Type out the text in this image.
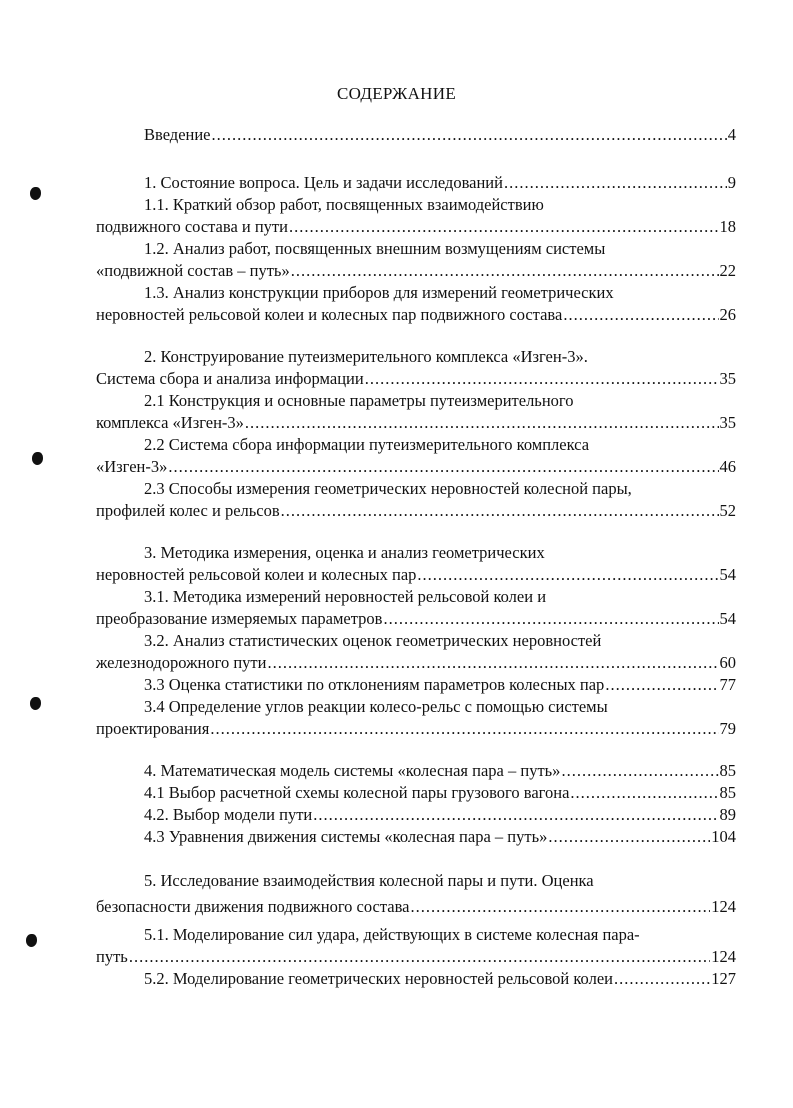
СОДЕРЖАНИЕ
Введение .....	4
1. Состояние вопроса. Цель и задачи исследований .....	9
1.1. Краткий обзор работ, посвященных взаимодействию
подвижного состава и пути .....	18
1.2. Анализ работ, посвященных внешним возмущениям системы
«подвижной состав – путь» .....	22
1.3. Анализ конструкции приборов для измерений геометрических
неровностей рельсовой колеи и колесных пар подвижного состава .....	26
2. Конструирование путеизмерительного комплекса «Изген-3».
Система сбора и анализа информации .....	35
2.1 Конструкция и основные параметры путеизмерительного
комплекса «Изген-3» .....	35
2.2 Система сбора информации путеизмерительного комплекса
«Изген-3» .....	46
2.3 Способы измерения геометрических неровностей колесной пары,
профилей колес и рельсов .....	52
3. Методика измерения, оценка и анализ геометрических
неровностей рельсовой колеи и колесных пар .....	54
3.1. Методика измерений неровностей рельсовой колеи и
преобразование измеряемых параметров .....	54
3.2. Анализ статистических оценок геометрических неровностей
железнодорожного пути .....	60
3.3 Оценка статистики по отклонениям параметров колесных пар .....	77
3.4 Определение углов реакции колесо-рельс с помощью системы
проектирования .....	79
4. Математическая модель системы «колесная пара – путь» .....	85
4.1 Выбор расчетной схемы колесной пары грузового вагона .....	85
4.2. Выбор модели пути .....	89
4.3 Уравнения движения системы «колесная пара – путь» .....	104
5. Исследование взаимодействия колесной пары и пути. Оценка
безопасности движения подвижного состава .....	124
5.1. Моделирование сил удара, действующих в системе колесная пара-
путь .....	124
5.2. Моделирование геометрических неровностей рельсовой колеи .....	127
